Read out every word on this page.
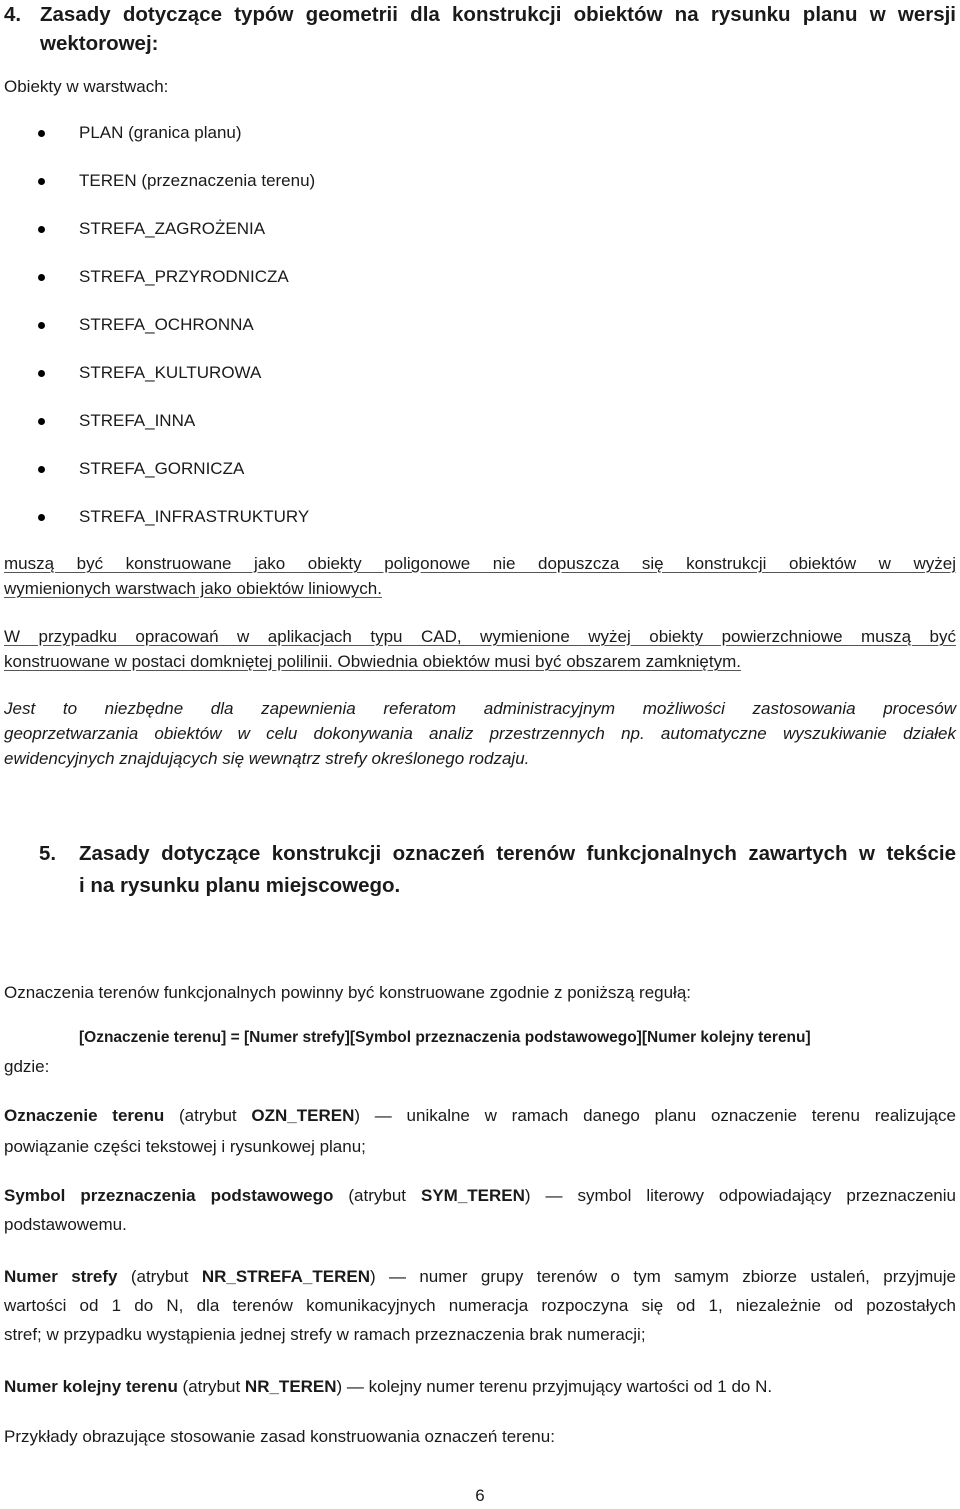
4. Zasady dotyczące typów geometrii dla konstrukcji obiektów na rysunku planu w wersji
wektorowej:
Obiekty w warstwach:
PLAN (granica planu)
TEREN (przeznaczenia terenu)
STREFA_ZAGROŻENIA
STREFA_PRZYRODNICZA
STREFA_OCHRONNA
STREFA_KULTUROWA
STREFA_INNA
STREFA_GORNICZA
STREFA_INFRASTRUKTURY
muszą być konstruowane jako obiekty poligonowe nie dopuszcza się konstrukcji obiektów w wyżej
wymienionych warstwach jako obiektów liniowych.
W przypadku opracowań w aplikacjach typu CAD, wymienione wyżej obiekty powierzchniowe muszą być
konstruowane w postaci domkniętej polilinii. Obwiednia obiektów musi być obszarem zamkniętym.
Jest to niezbędne dla zapewnienia referatom administracyjnym możliwości zastosowania procesów
geoprzetwarzania obiektów w celu dokonywania analiz przestrzennych np. automatyczne wyszukiwanie działek
ewidencyjnych znajdujących się wewnątrz strefy określonego rodzaju.
5. Zasady dotyczące konstrukcji oznaczeń terenów funkcjonalnych zawartych w tekście
i na rysunku planu miejscowego.
Oznaczenia terenów funkcjonalnych powinny być konstruowane zgodnie z poniższą regułą:
[Oznaczenie terenu] = [Numer strefy][Symbol przeznaczenia podstawowego][Numer kolejny terenu]
gdzie:
Oznaczenie terenu (atrybut OZN_TEREN) — unikalne w ramach danego planu oznaczenie terenu realizujące
powiązanie części tekstowej i rysunkowej planu;
Symbol przeznaczenia podstawowego (atrybut SYM_TEREN) — symbol literowy odpowiadający przeznaczeniu
podstawowemu.
Numer strefy (atrybut NR_STREFA_TEREN) — numer grupy terenów o tym samym zbiorze ustaleń, przyjmuje
wartości od 1 do N, dla terenów komunikacyjnych numeracja rozpoczyna się od 1, niezależnie od pozostałych
stref; w przypadku wystąpienia jednej strefy w ramach przeznaczenia brak numeracji;
Numer kolejny terenu (atrybut NR_TEREN) — kolejny numer terenu przyjmujący wartości od 1 do N.
Przykłady obrazujące stosowanie zasad konstruowania oznaczeń terenu:
6
